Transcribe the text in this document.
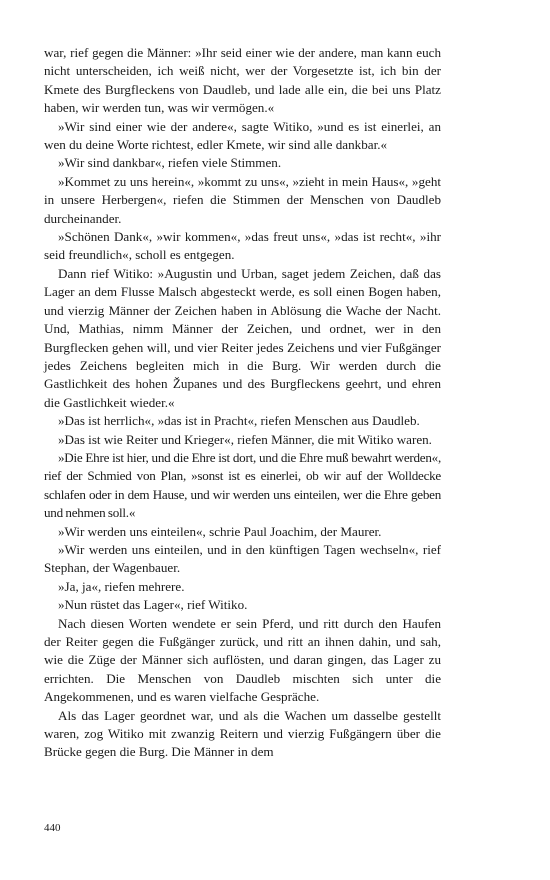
war, rief gegen die Männer: »Ihr seid einer wie der andere, man kann euch nicht unterscheiden, ich weiß nicht, wer der Vorgesetzte ist, ich bin der Kmete des Burgfleckens von Daudleb, und lade alle ein, die bei uns Platz haben, wir werden tun, was wir vermögen.«

»Wir sind einer wie der andere«, sagte Witiko, »und es ist einerlei, an wen du deine Worte richtest, edler Kmete, wir sind alle dankbar.«

»Wir sind dankbar«, riefen viele Stimmen.

»Kommet zu uns herein«, »kommt zu uns«, »zieht in mein Haus«, »geht in unsere Herbergen«, riefen die Stimmen der Menschen von Daudleb durcheinander.

»Schönen Dank«, »wir kommen«, »das freut uns«, »das ist recht«, »ihr seid freundlich«, scholl es entgegen.

Dann rief Witiko: »Augustin und Urban, saget jedem Zeichen, daß das Lager an dem Flusse Malsch abgesteckt werde, es soll einen Bogen haben, und vierzig Männer der Zeichen haben in Ablösung die Wache der Nacht. Und, Mathias, nimm Männer der Zeichen, und ordnet, wer in den Burgflecken gehen will, und vier Reiter jedes Zeichens und vier Fußgänger jedes Zeichens begleiten mich in die Burg. Wir werden durch die Gastlichkeit des hohen Županes und des Burgfleckens geehrt, und ehren die Gastlichkeit wieder.«

»Das ist herrlich«, »das ist in Pracht«, riefen Menschen aus Daudleb.

»Das ist wie Reiter und Krieger«, riefen Männer, die mit Witiko waren.

»Die Ehre ist hier, und die Ehre ist dort, und die Ehre muß bewahrt werden«, rief der Schmied von Plan, »sonst ist es einerlei, ob wir auf der Wolldecke schlafen oder in dem Hause, und wir werden uns einteilen, wer die Ehre geben und nehmen soll.«

»Wir werden uns einteilen«, schrie Paul Joachim, der Maurer.

»Wir werden uns einteilen, und in den künftigen Tagen wechseln«, rief Stephan, der Wagenbauer.

»Ja, ja«, riefen mehrere.

»Nun rüstet das Lager«, rief Witiko.

Nach diesen Worten wendete er sein Pferd, und ritt durch den Haufen der Reiter gegen die Fußgänger zurück, und ritt an ihnen dahin, und sah, wie die Züge der Männer sich auflösten, und daran gingen, das Lager zu errichten. Die Menschen von Daudleb mischten sich unter die Angekommenen, und es waren vielfache Gespräche.

Als das Lager geordnet war, und als die Wachen um dasselbe gestellt waren, zog Witiko mit zwanzig Reitern und vierzig Fußgängern über die Brücke gegen die Burg. Die Männer in dem

440
